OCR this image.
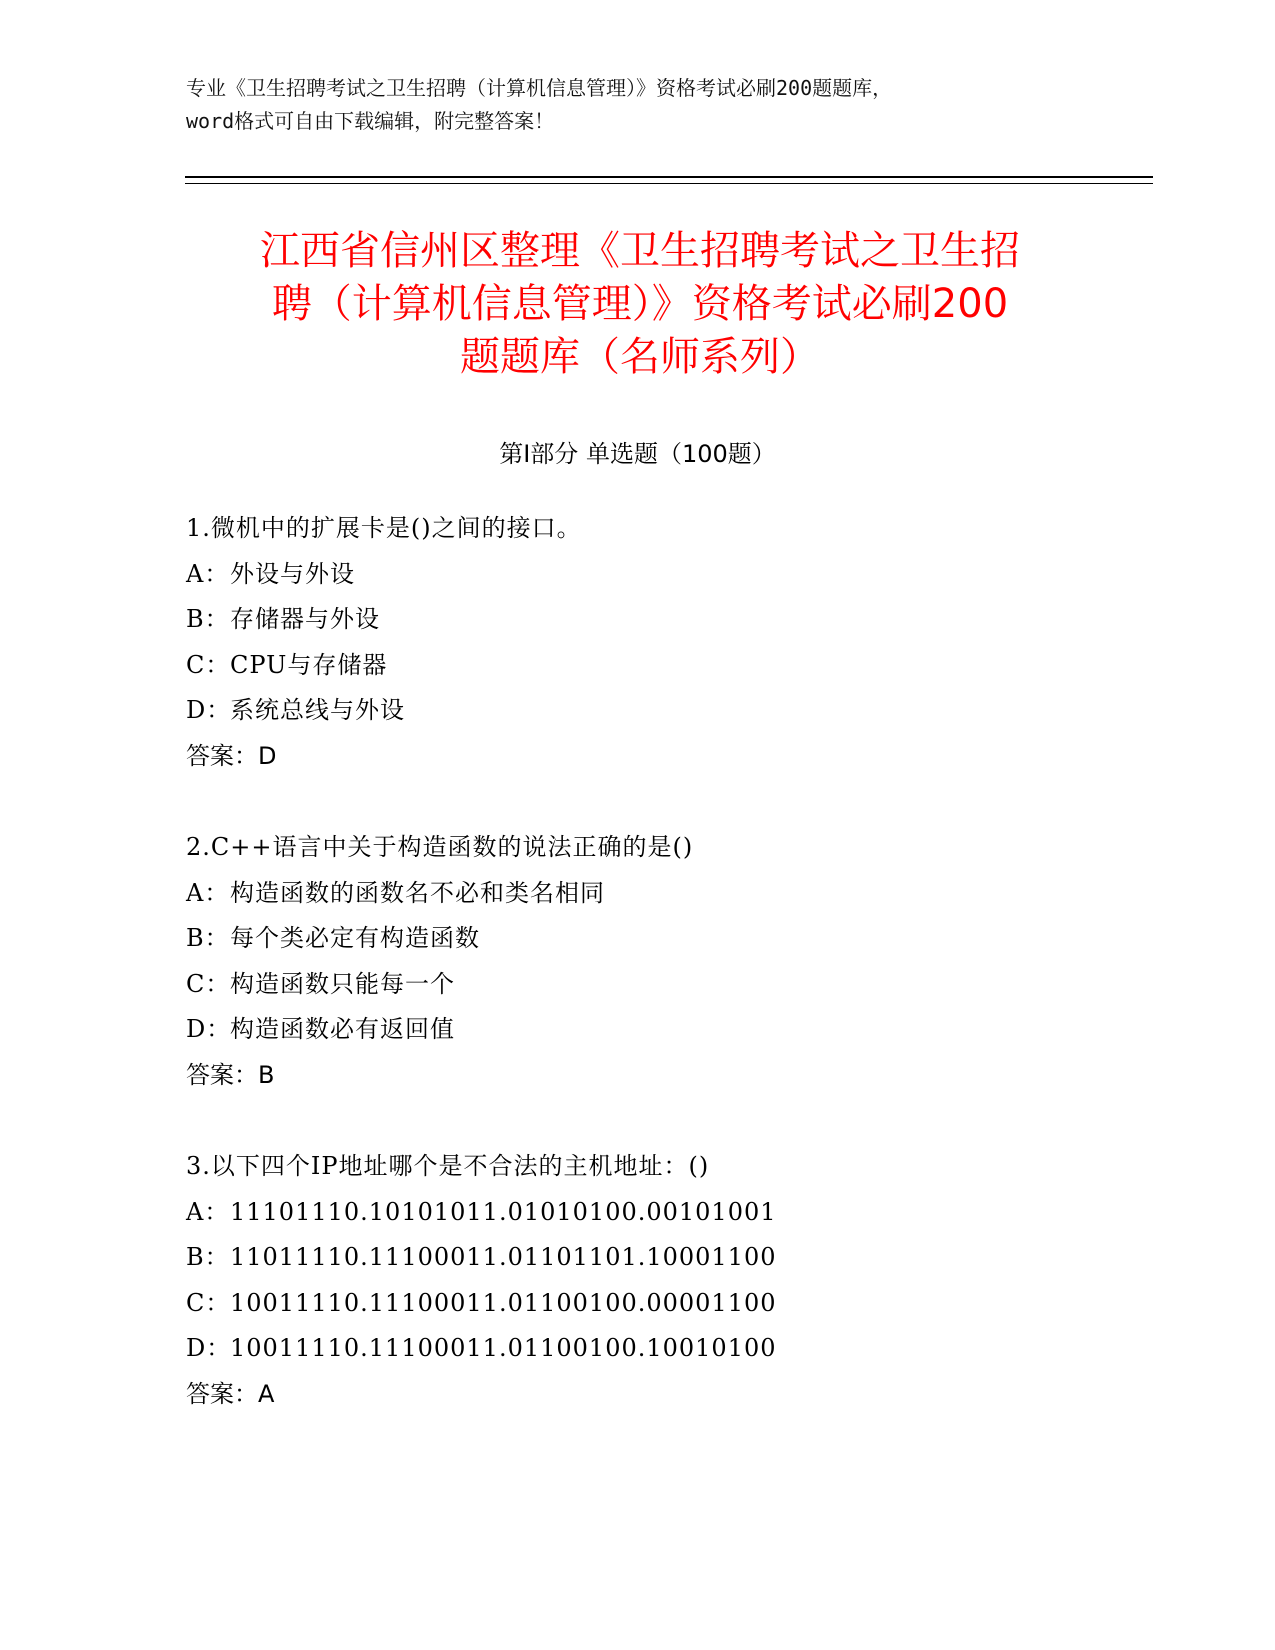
专业《卫生招聘考试之卫生招聘（计算机信息管理）》资格考试必刷200题题库，
word格式可自由下载编辑，附完整答案！
江西省信州区整理《卫生招聘考试之卫生招
聘（计算机信息管理）》资格考试必刷200
题题库（名师系列）
第Ⅰ部分 单选题（100题）
1.微机中的扩展卡是()之间的接口。
A：外设与外设
B：存储器与外设
C：CPU与存储器
D：系统总线与外设
答案：D
2.C++语言中关于构造函数的说法正确的是()
A：构造函数的函数名不必和类名相同
B：每个类必定有构造函数
C：构造函数只能每一个
D：构造函数必有返回值
答案：B
3.以下四个IP地址哪个是不合法的主机地址：()
A：11101110.10101011.01010100.00101001
B：11011110.11100011.01101101.10001100
C：10011110.11100011.01100100.00001100
D：10011110.11100011.01100100.10010100
答案：A
